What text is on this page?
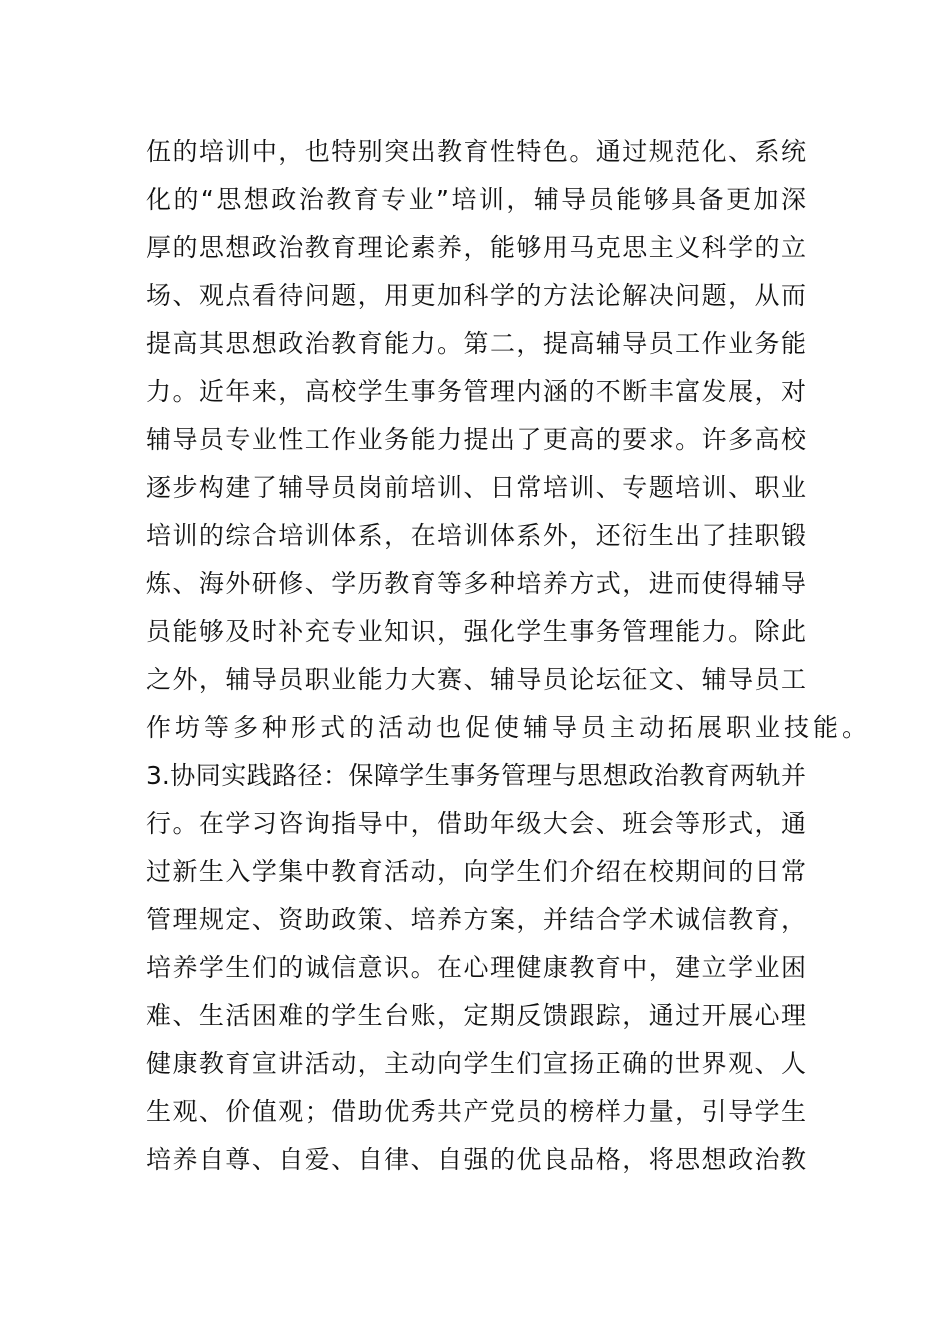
伍的培训中，也特别突出教育性特色。通过规范化、系统
化的“思想政治教育专业”培训，辅导员能够具备更加深
厚的思想政治教育理论素养，能够用马克思主义科学的立
场、观点看待问题，用更加科学的方法论解决问题，从而
提高其思想政治教育能力。第二，提高辅导员工作业务能
力。近年来，高校学生事务管理内涵的不断丰富发展，对
辅导员专业性工作业务能力提出了更高的要求。许多高校
逐步构建了辅导员岗前培训、日常培训、专题培训、职业
培训的综合培训体系，在培训体系外，还衍生出了挂职锻
炼、海外研修、学历教育等多种培养方式，进而使得辅导
员能够及时补充专业知识，强化学生事务管理能力。除此
之外，辅导员职业能力大赛、辅导员论坛征文、辅导员工
作坊等多种形式的活动也促使辅导员主动拓展职业技能。
3.协同实践路径：保障学生事务管理与思想政治教育两轨并
行。在学习咨询指导中，借助年级大会、班会等形式，通
过新生入学集中教育活动，向学生们介绍在校期间的日常
管理规定、资助政策、培养方案，并结合学术诚信教育，
培养学生们的诚信意识。在心理健康教育中，建立学业困
难、生活困难的学生台账，定期反馈跟踪，通过开展心理
健康教育宣讲活动，主动向学生们宣扬正确的世界观、人
生观、价值观；借助优秀共产党员的榜样力量，引导学生
培养自尊、自爱、自律、自强的优良品格，将思想政治教
